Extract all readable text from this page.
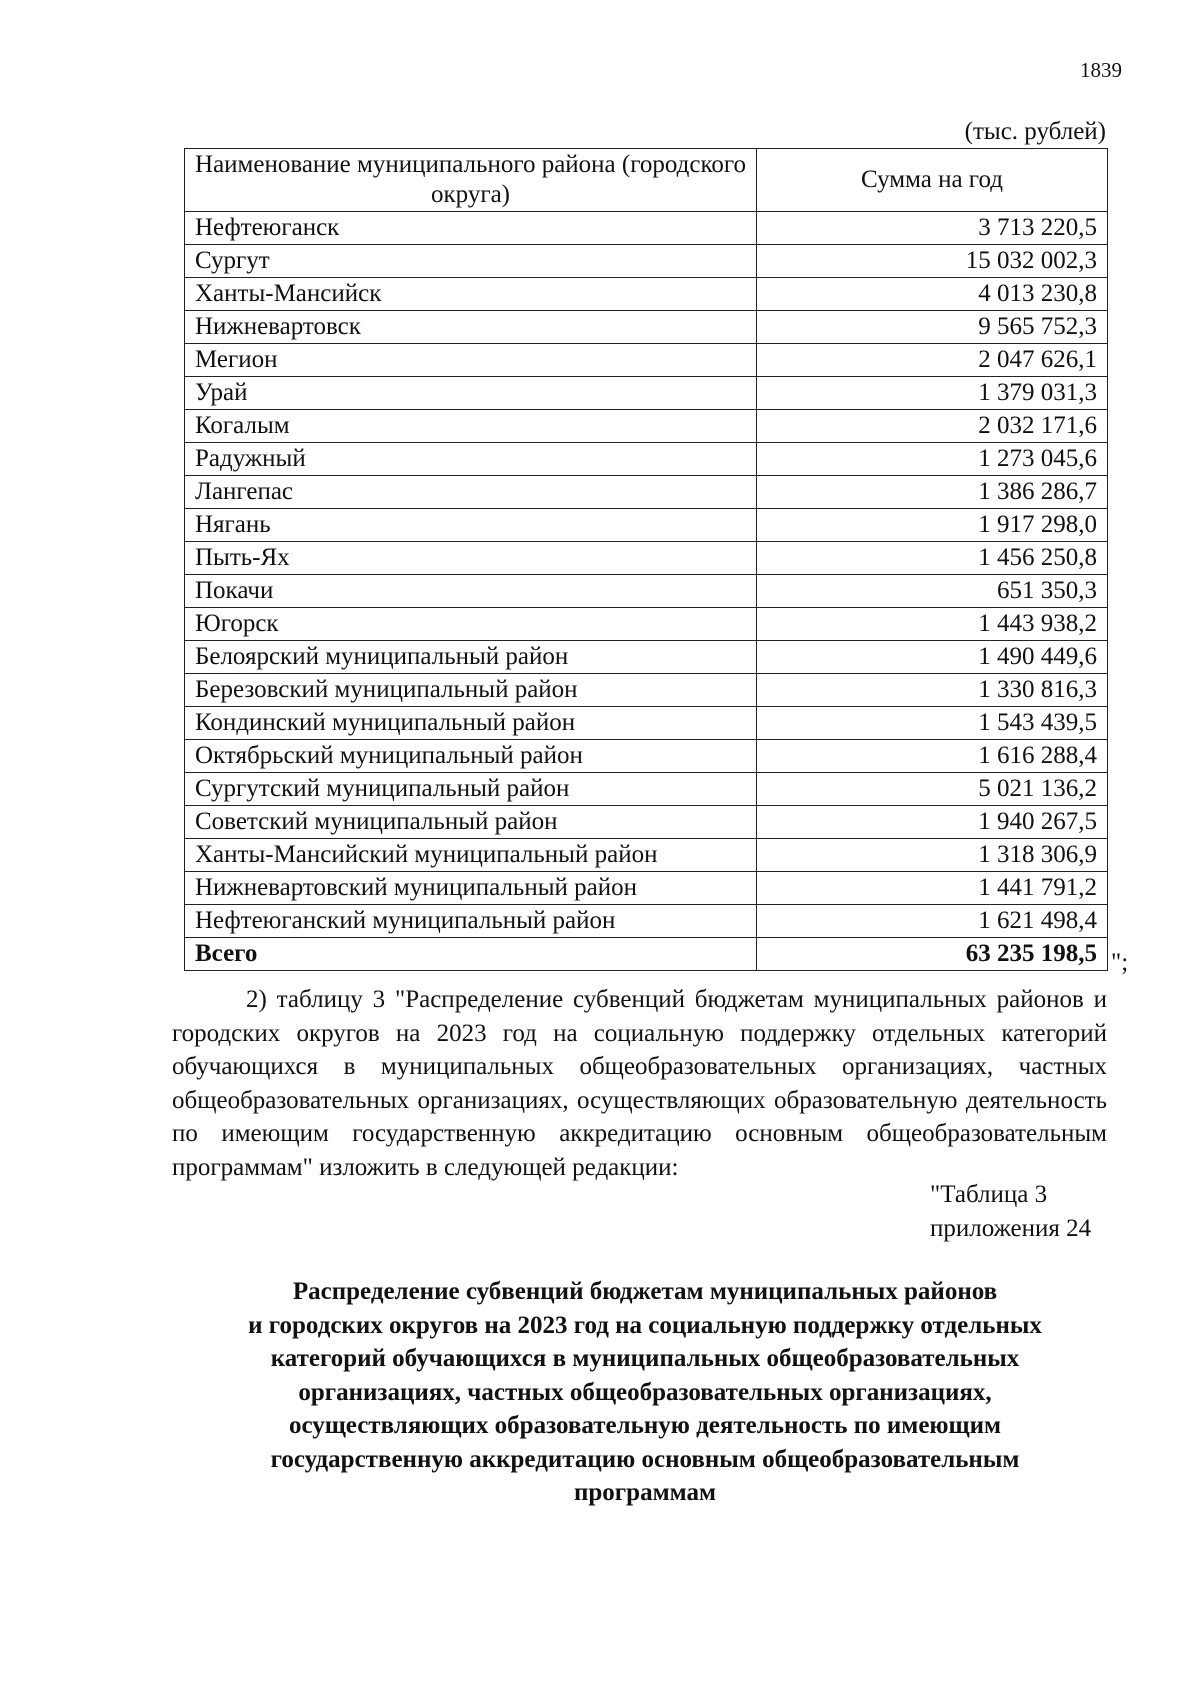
1839
(тыс. рублей)
Наименование муниципального района (городского округа)	Сумма на год
Нефтеюганск	3 713 220,5
Сургут	15 032 002,3
Ханты-Мансийск	4 013 230,8
Нижневартовск	9 565 752,3
Мегион	2 047 626,1
Урай	1 379 031,3
Когалым	2 032 171,6
Радужный	1 273 045,6
Лангепас	1 386 286,7
Нягань	1 917 298,0
Пыть-Ях	1 456 250,8
Покачи	651 350,3
Югорск	1 443 938,2
Белоярский муниципальный район	1 490 449,6
Березовский муниципальный район	1 330 816,3
Кондинский муниципальный район	1 543 439,5
Октябрьский муниципальный район	1 616 288,4
Сургутский муниципальный район	5 021 136,2
Советский муниципальный район	1 940 267,5
Ханты-Мансийский муниципальный район	1 318 306,9
Нижневартовский муниципальный район	1 441 791,2
Нефтеюганский муниципальный район	1 621 498,4
Всего	63 235 198,5 ";
2) таблицу 3 "Распределение субвенций бюджетам муниципальных районов и городских округов на 2023 год на социальную поддержку отдельных категорий обучающихся в муниципальных общеобразовательных организациях, частных общеобразовательных организациях, осуществляющих образовательную деятельность по имеющим государственную аккредитацию основным общеобразовательным программам" изложить в следующей редакции:
"Таблица 3
приложения 24
Распределение субвенций бюджетам муниципальных районов
и городских округов на 2023 год на социальную поддержку отдельных
категорий обучающихся в муниципальных общеобразовательных
организациях, частных общеобразовательных организациях,
осуществляющих образовательную деятельность по имеющим
государственную аккредитацию основным общеобразовательным
программам
